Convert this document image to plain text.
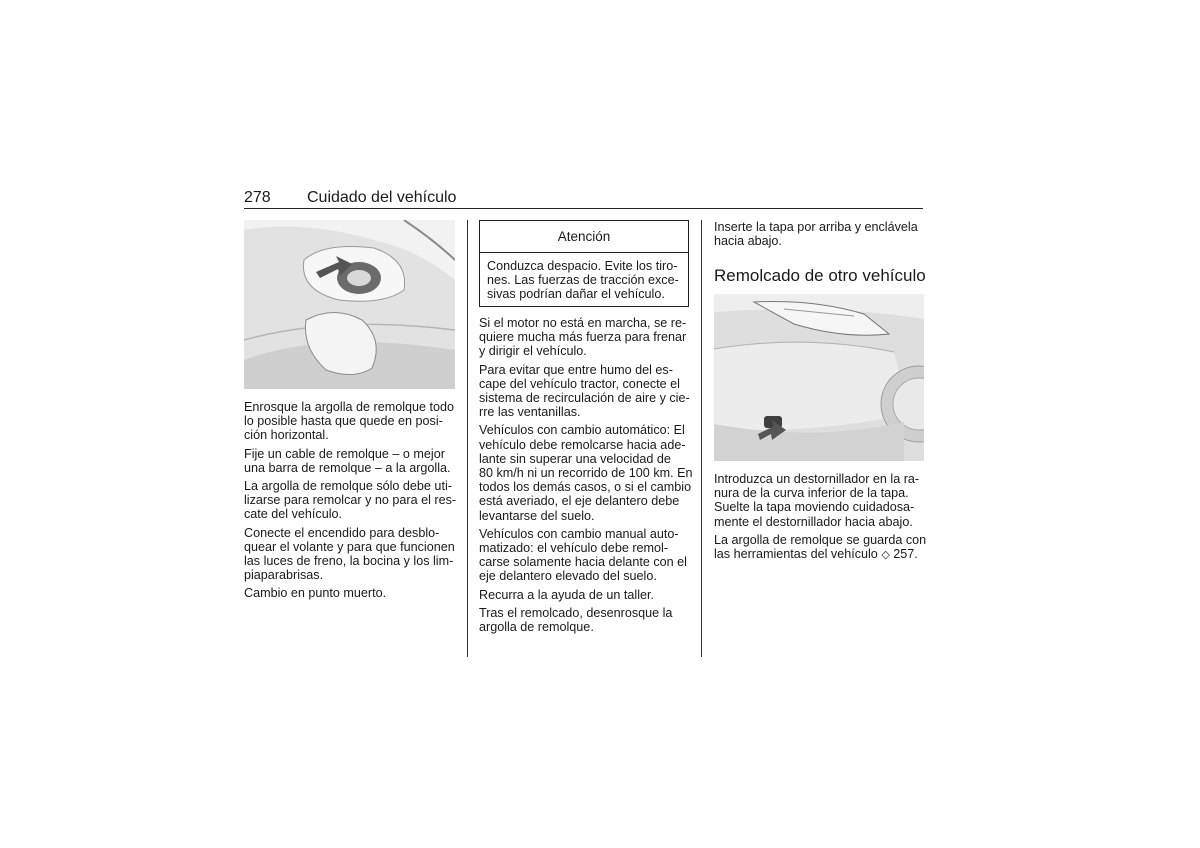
278 Cuidado del vehículo

Enrosque la argolla de remolque todo
lo posible hasta que quede en posi-
ción horizontal.

Fije un cable de remolque – o mejor
una barra de remolque – a la argolla.

La argolla de remolque sólo debe uti-
lizarse para remolcar y no para el res-
cate del vehículo.

Conecte el encendido para desblo-
quear el volante y para que funcionen
las luces de freno, la bocina y los lim-
piaparabrisas.

Cambio en punto muerto.

Atención
Conduzca despacio. Evite los tiro-
nes. Las fuerzas de tracción exce-
sivas podrían dañar el vehículo.

Si el motor no está en marcha, se re-
quiere mucha más fuerza para frenar
y dirigir el vehículo.

Para evitar que entre humo del es-
cape del vehículo tractor, conecte el
sistema de recirculación de aire y cie-
rre las ventanillas.

Vehículos con cambio automático: El
vehículo debe remolcarse hacia ade-
lante sin superar una velocidad de
80 km/h ni un recorrido de 100 km. En
todos los demás casos, o si el cambio
está averiado, el eje delantero debe
levantarse del suelo.

Vehículos con cambio manual auto-
matizado: el vehículo debe remol-
carse solamente hacia delante con el
eje delantero elevado del suelo.

Recurra a la ayuda de un taller.

Tras el remolcado, desenrosque la
argolla de remolque.

Inserte la tapa por arriba y enclávela
hacia abajo.

Remolcado de otro vehículo

Introduzca un destornillador en la ra-
nura de la curva inferior de la tapa.
Suelte la tapa moviendo cuidadosa-
mente el destornillador hacia abajo.

La argolla de remolque se guarda con
las herramientas del vehículo ◇ 257.
